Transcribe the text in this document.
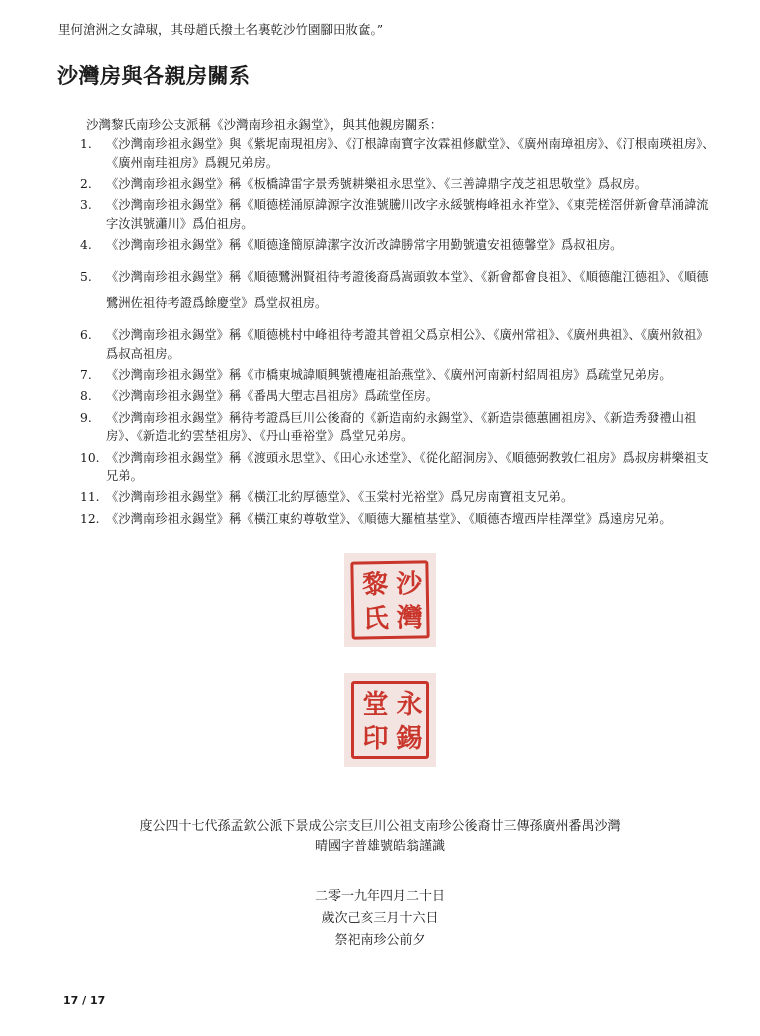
里何滄洲之女諱琡，其母趙氏撥土名裏乾沙竹園腳田妝奩。”
沙灣房與各親房關系
沙灣黎氏南珍公支派稱《沙灣南珍祖永錫堂》，與其他親房關系：
1. 《沙灣南珍祖永錫堂》與《紫坭南現祖房》、《汀根諱南寶字汝霖祖修獻堂》、《廣州南璋祖房》、《汀根南瑛祖房》、《廣州南珪祖房》爲親兄弟房。
2. 《沙灣南珍祖永錫堂》稱《板橋諱雷字景秀號耕樂祖永思堂》、《三善諱鼎字茂芝祖思敬堂》爲叔房。
3. 《沙灣南珍祖永錫堂》稱《順德槎涌原諱源字汝淮號騰川改字永綏號梅峰祖永祚堂》、《東莞槎滘併新會草涌諱流字汝淇號瀟川》爲伯祖房。
4. 《沙灣南珍祖永錫堂》稱《順德逢簡原諱潔字汝沂改諱勝常字用勤號遺安祖德馨堂》爲叔祖房。
5. 《沙灣南珍祖永錫堂》稱《順德鷺洲賢祖待考證後裔爲嵩頭敦本堂》、《新會都會良祖》、《順德龍江德祖》、《順德鷺洲佐祖待考證爲餘慶堂》爲堂叔祖房。
6. 《沙灣南珍祖永錫堂》稱《順德桃村中峰祖待考證其曾祖父爲京相公》、《廣州常祖》、《廣州典祖》、《廣州敘祖》爲叔高祖房。
7. 《沙灣南珍祖永錫堂》稱《市橋東城諱順興號禮庵祖詒燕堂》、《廣州河南新村紹周祖房》爲疏堂兄弟房。
8. 《沙灣南珍祖永錫堂》稱《番禺大塱志昌祖房》爲疏堂侄房。
9. 《沙灣南珍祖永錫堂》稱待考證爲巨川公後裔的《新造南約永錫堂》、《新造崇德蕙圃祖房》、《新造秀發禮山祖房》、《新造北約雲埜祖房》、《丹山垂裕堂》爲堂兄弟房。
10. 《沙灣南珍祖永錫堂》稱《渡頭永思堂》、《田心永述堂》、《從化韶洞房》、《順德弼教敦仁祖房》爲叔房耕樂祖支兄弟。
11. 《沙灣南珍祖永錫堂》稱《橫江北約厚德堂》、《玉棠村光裕堂》爲兄房南寶祖支兄弟。
12. 《沙灣南珍祖永錫堂》稱《橫江東約尊敬堂》、《順德大羅植基堂》、《順德杏壇西岸桂澤堂》爲遠房兄弟。
沙
灣
黎
氏
永
錫
堂
印
度公四十七代孫孟欽公派下景成公宗支巨川公祖支南珍公後裔廿三傳孫廣州番禺沙灣
晴國字普雄號皓翁謹識
二零一九年四月二十日
歲次己亥三月十六日
祭祀南珍公前夕
17 / 17
